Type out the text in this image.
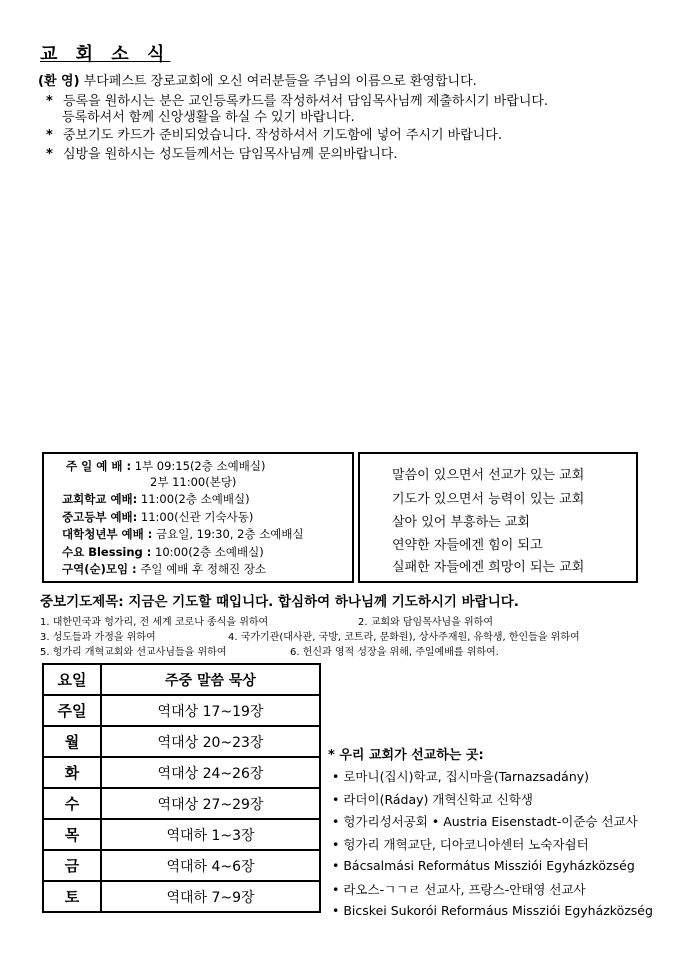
교 회 소 식
(환 영) 부다페스트 장로교회에 오신 여러분들을 주님의 이름으로 환영합니다.
* 등록을 원하시는 분은 교인등록카드를 작성하셔서 담임목사님께 제출하시기 바랍니다.
등록하셔서 함께 신앙생활을 하실 수 있기 바랍니다.
* 중보기도 카드가 준비되었습니다. 작성하셔서 기도함에 넣어 주시기 바랍니다.
* 심방을 원하시는 성도들께서는 담임목사님께 문의바랍니다.
주 일 예 배 : 1부 09:15(2층 소예배실)
2부 11:00(본당)
교회학교 예배: 11:00(2층 소예배실)
중고등부 예배: 11:00(신관 기숙사동)
대학청년부 예배 : 금요일, 19:30, 2층 소예배실
수요 Blessing : 10:00(2층 소예배실)
구역(순)모임 : 주일 예배 후 정해진 장소
말씀이 있으면서 선교가 있는 교회
기도가 있으면서 능력이 있는 교회
살아 있어 부흥하는 교회
연약한 자들에겐 힘이 되고
실패한 자들에겐 희망이 되는 교회
중보기도제목: 지금은 기도할 때입니다. 합심하여 하나님께 기도하시기 바랍니다.
1. 대한민국과 헝가리, 전 세계 코로나 종식을 위하여	2. 교회와 담임목사님을 위하여
3. 성도들과 가정을 위하여	4. 국가기관(대사관, 국방, 코트라, 문화원), 상사주재원, 유학생, 한인들을 위하여
5. 헝가리 개혁교회와 선교사님들을 위하여	6. 헌신과 영적 성장을 위해, 주일예배를 위하여.
요일	주중 말씀 묵상
주일	역대상 17~19장
월	역대상 20~23장
화	역대상 24~26장
수	역대상 27~29장
목	역대하 1~3장
금	역대하 4~6장
토	역대하 7~9장
* 우리 교회가 선교하는 곳:
• 로마니(집시)학교, 집시마을(Tarnazsadány)
• 라더이(Ráday) 개혁신학교 신학생
• 헝가리성서공회 • Austria Eisenstadt-이준승 선교사
• 헝가리 개혁교단, 디아코니아센터 노숙자쉼터
• Bácsalmási Református Missziói Egyházközség
• 라오스-ㄱㄱㄹ 선교사, 프랑스-안태영 선교사
• Bicskei Sukorói Reformáus Missziói Egyházközség
